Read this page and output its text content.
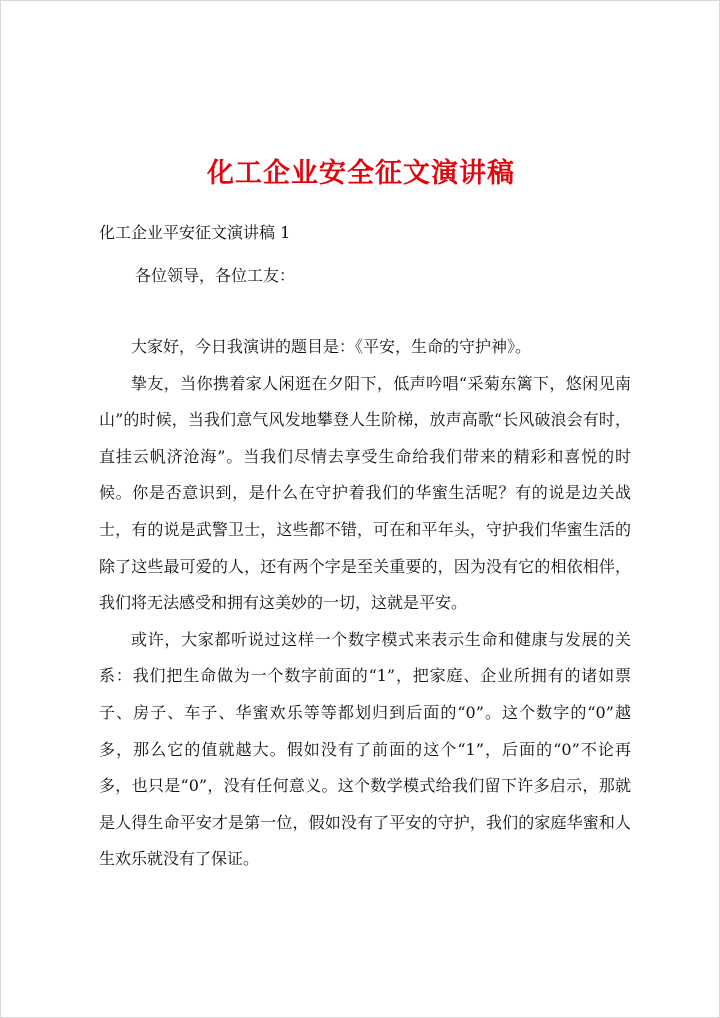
化工企业安全征文演讲稿
化工企业平安征文演讲稿 1
各位领导，各位工友：

大家好，今日我演讲的题目是：《平安，生命的守护神》。

挚友，当你携着家人闲逛在夕阳下，低声吟唱“采菊东篱下，悠闲见南山”的时候，当我们意气风发地攀登人生阶梯，放声高歌“长风破浪会有时，直挂云帆济沧海”。当我们尽情去享受生命给我们带来的精彩和喜悦的时候。你是否意识到，是什么在守护着我们的华蜜生活呢？有的说是边关战士，有的说是武警卫士，这些都不错，可在和平年头，守护我们华蜜生活的除了这些最可爱的人，还有两个字是至关重要的，因为没有它的相依相伴，我们将无法感受和拥有这美妙的一切，这就是平安。

或许，大家都听说过这样一个数字模式来表示生命和健康与发展的关系：我们把生命做为一个数字前面的“1”，把家庭、企业所拥有的诸如票子、房子、车子、华蜜欢乐等等都划归到后面的“0”。这个数字的“0”越多，那么它的值就越大。假如没有了前面的这个“1”，后面的“0”不论再多，也只是“0”，没有任何意义。这个数学模式给我们留下许多启示，那就是人得生命平安才是第一位，假如没有了平安的守护，我们的家庭华蜜和人生欢乐就没有了保证。
